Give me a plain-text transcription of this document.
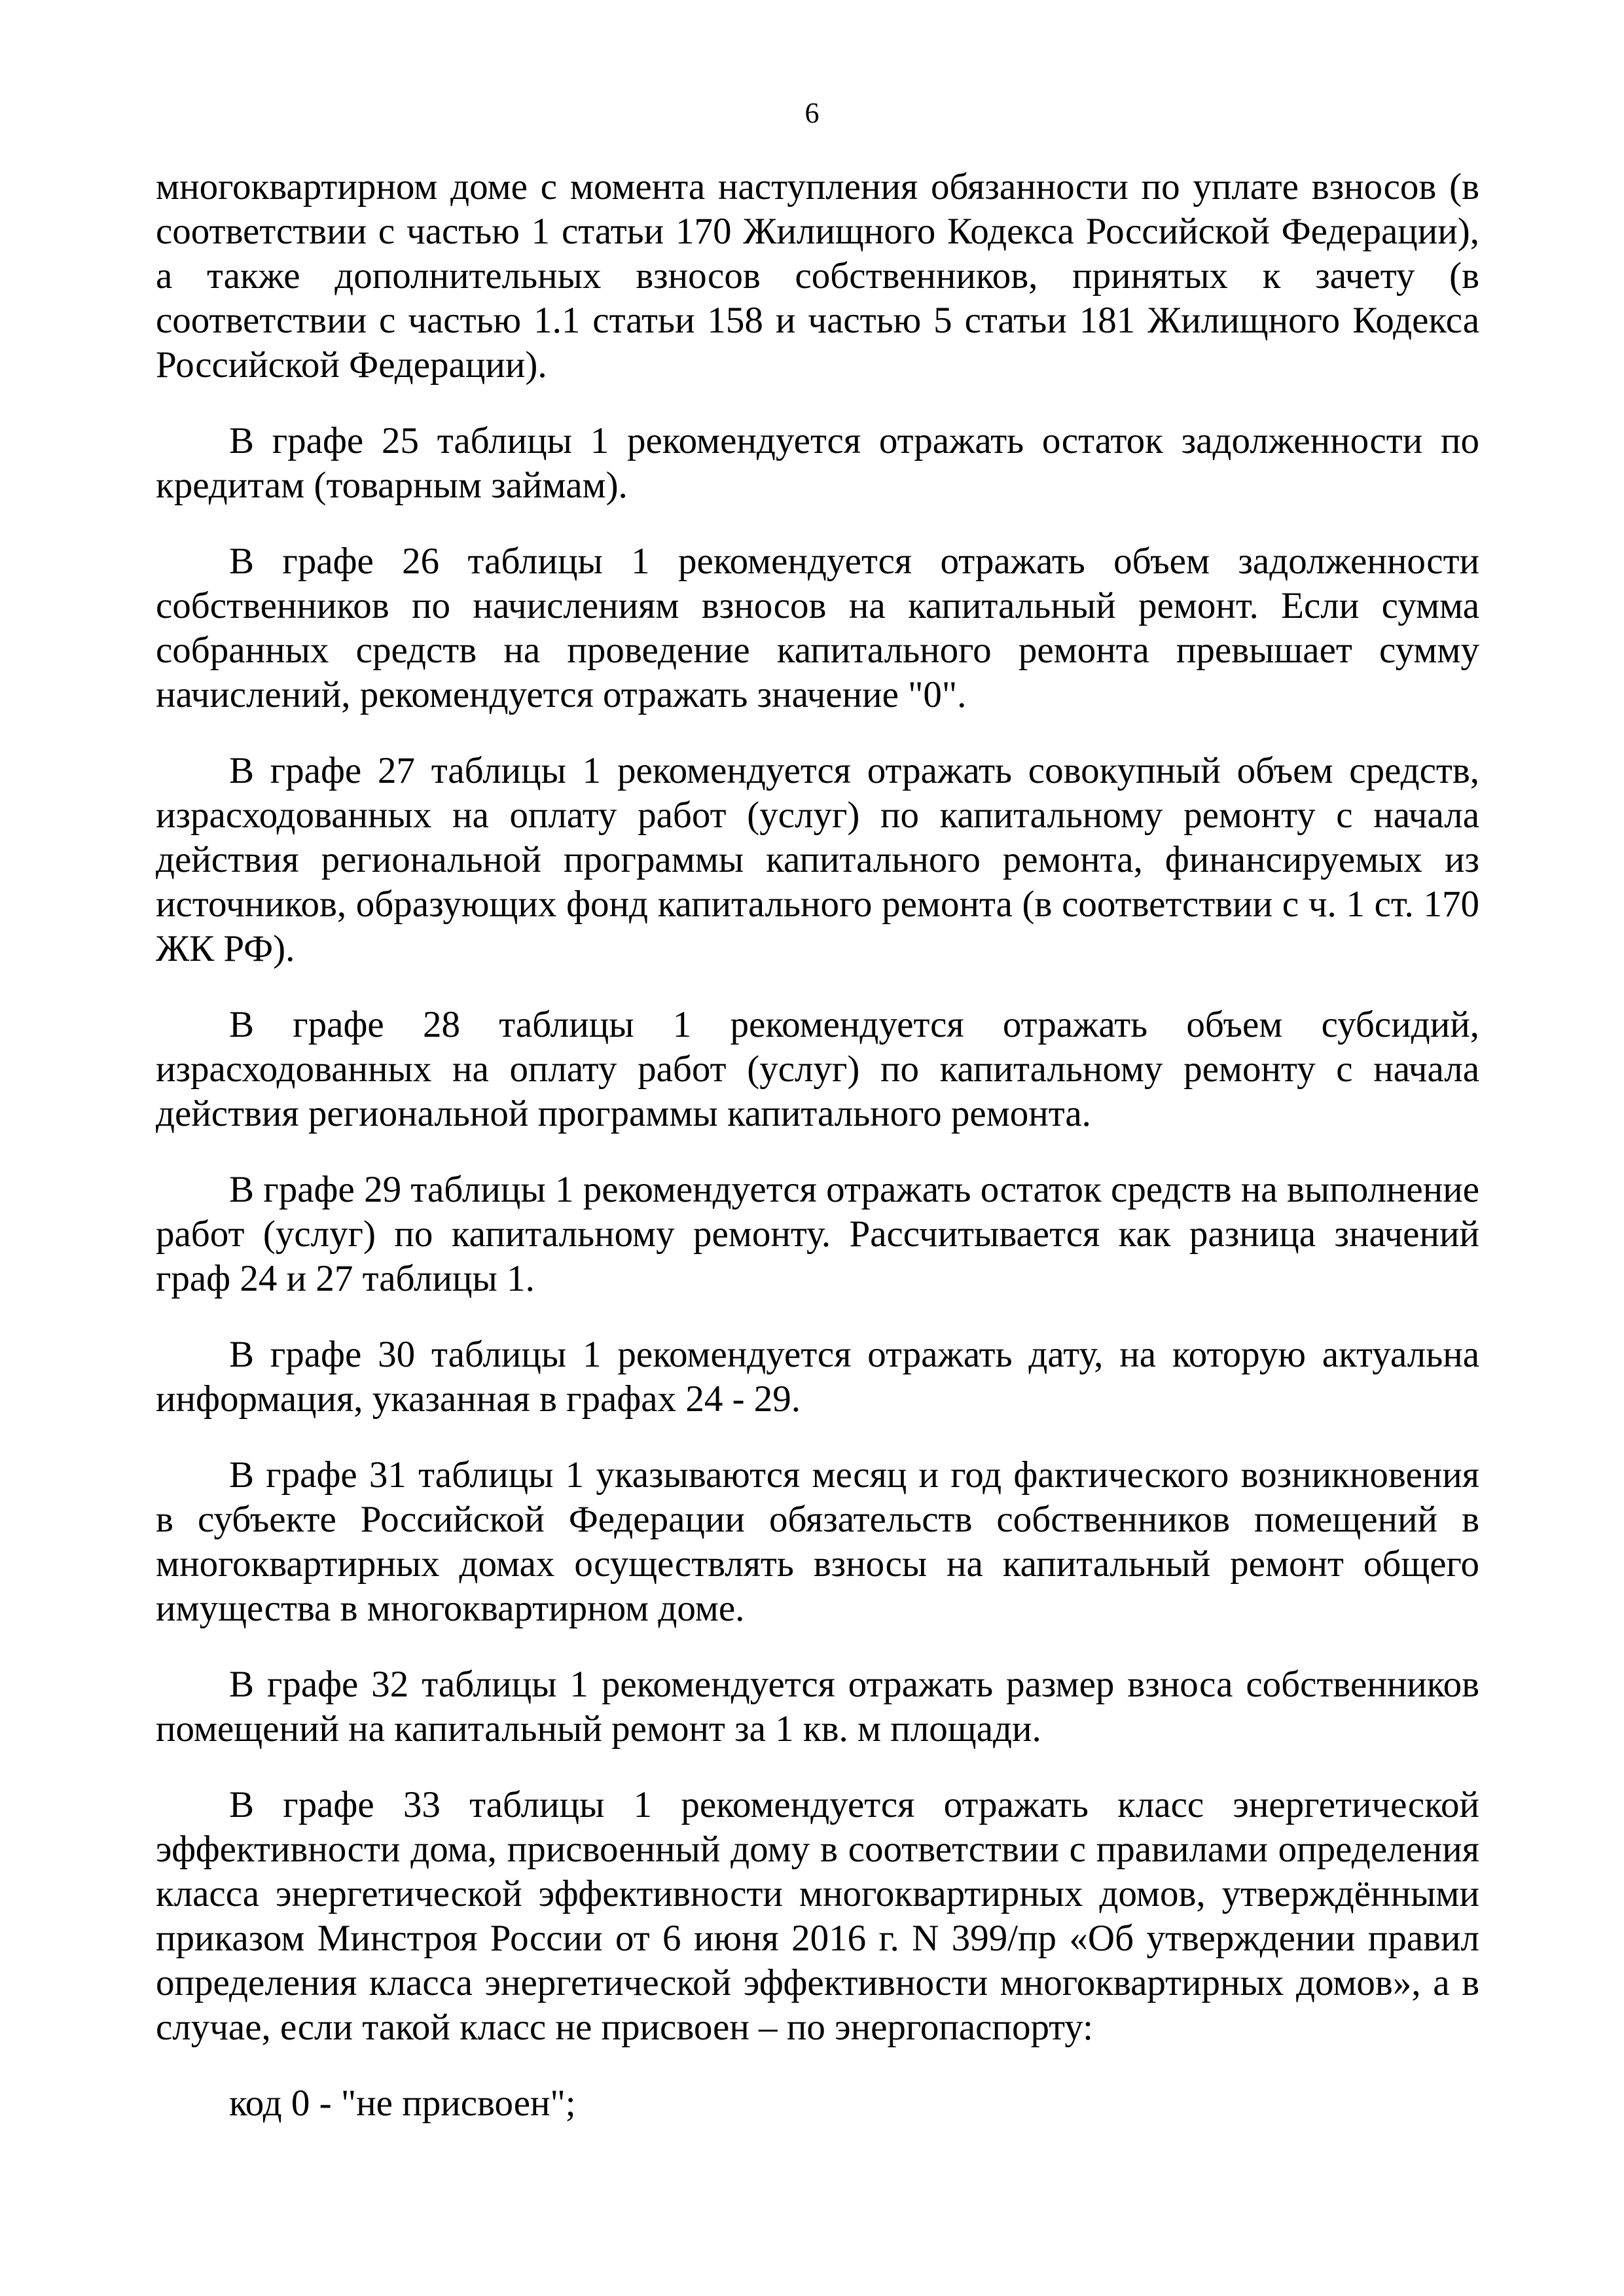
6

многоквартирном доме с момента наступления обязанности по уплате взносов (в соответствии с частью 1 статьи 170 Жилищного Кодекса Российской Федерации), а также дополнительных взносов собственников, принятых к зачету (в соответствии с частью 1.1 статьи 158 и частью 5 статьи 181 Жилищного Кодекса Российской Федерации).

В графе 25 таблицы 1 рекомендуется отражать остаток задолженности по кредитам (товарным займам).

В графе 26 таблицы 1 рекомендуется отражать объем задолженности собственников по начислениям взносов на капитальный ремонт. Если сумма собранных средств на проведение капитального ремонта превышает сумму начислений, рекомендуется отражать значение "0".

В графе 27 таблицы 1 рекомендуется отражать совокупный объем средств, израсходованных на оплату работ (услуг) по капитальному ремонту с начала действия региональной программы капитального ремонта, финансируемых из источников, образующих фонд капитального ремонта (в соответствии с ч. 1 ст. 170 ЖК РФ).

В графе 28 таблицы 1 рекомендуется отражать объем субсидий, израсходованных на оплату работ (услуг) по капитальному ремонту с начала действия региональной программы капитального ремонта.

В графе 29 таблицы 1 рекомендуется отражать остаток средств на выполнение работ (услуг) по капитальному ремонту. Рассчитывается как разница значений граф 24 и 27 таблицы 1.

В графе 30 таблицы 1 рекомендуется отражать дату, на которую актуальна информация, указанная в графах 24 - 29.

В графе 31 таблицы 1 указываются месяц и год фактического возникновения в субъекте Российской Федерации обязательств собственников помещений в многоквартирных домах осуществлять взносы на капитальный ремонт общего имущества в многоквартирном доме.

В графе 32 таблицы 1 рекомендуется отражать размер взноса собственников помещений на капитальный ремонт за 1 кв. м площади.

В графе 33 таблицы 1 рекомендуется отражать класс энергетической эффективности дома, присвоенный дому в соответствии с правилами определения класса энергетической эффективности многоквартирных домов, утверждёнными приказом Минстроя России от 6 июня 2016 г. N 399/пр «Об утверждении правил определения класса энергетической эффективности многоквартирных домов», а в случае, если такой класс не присвоен – по энергопаспорту:

код 0 - "не присвоен";
